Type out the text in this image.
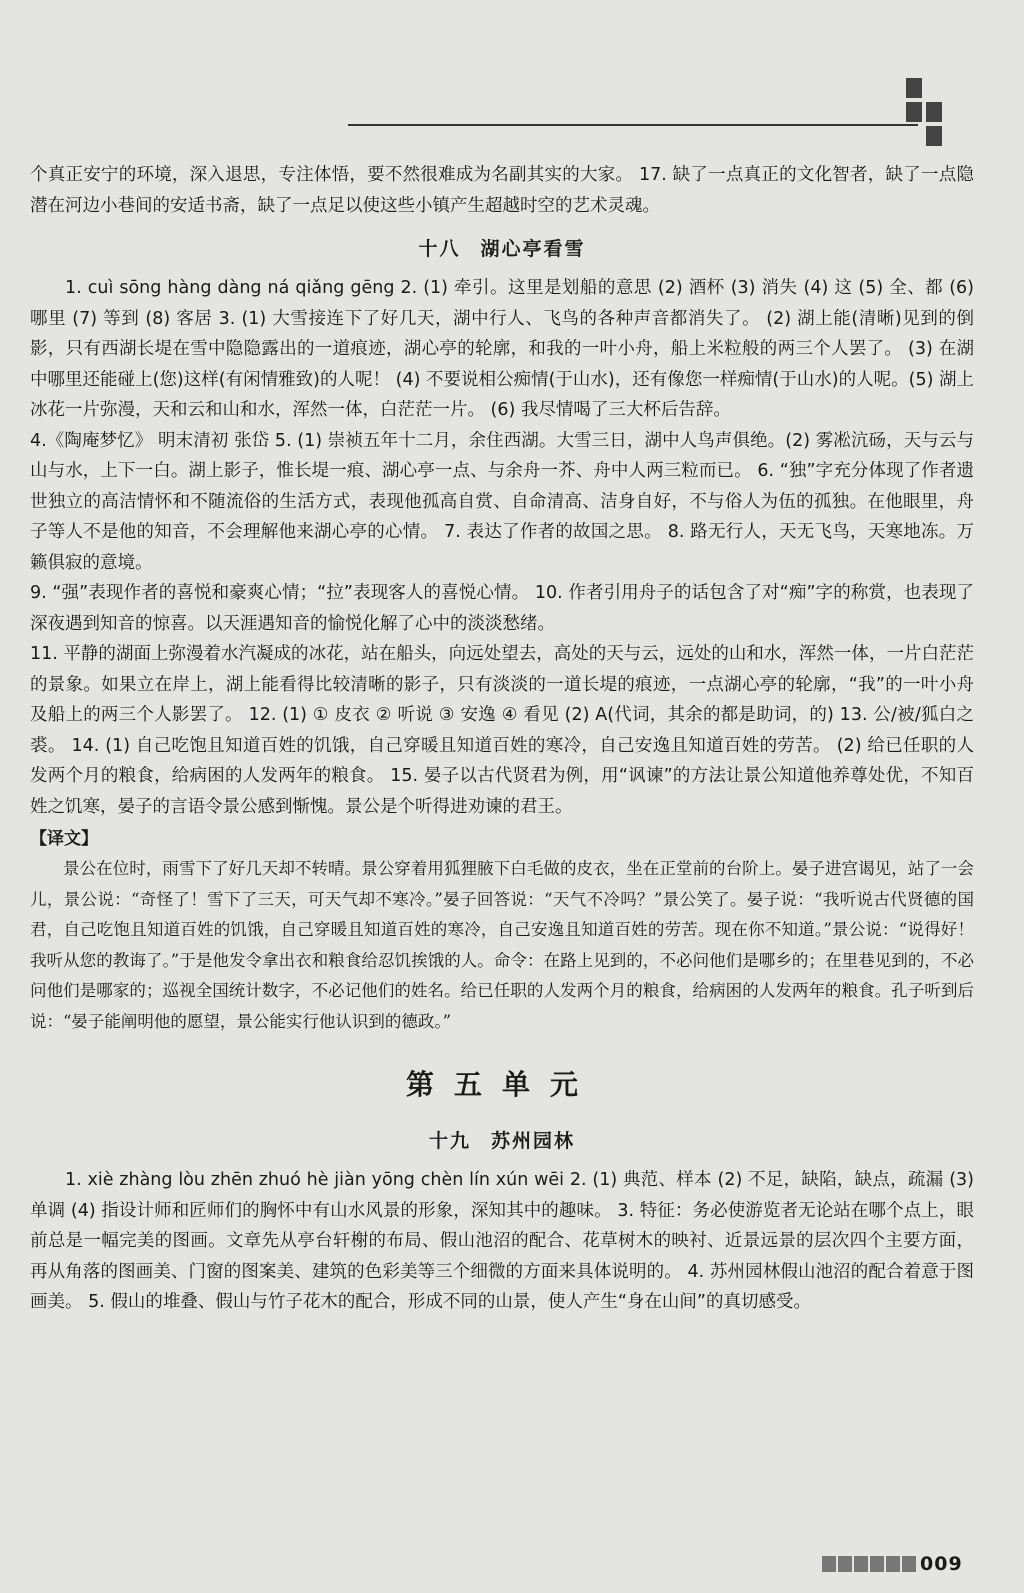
个真正安宁的环境，深入退思，专注体悟，要不然很难成为名副其实的大家。 17. 缺了一点真正的文化智者，缺了一点隐潜在河边小巷间的安适书斋，缺了一点足以使这些小镇产生超越时空的艺术灵魂。

十八 湖心亭看雪

1. cuì sōng hàng dàng ná qiǎng gēng 2. (1) 牵引。这里是划船的意思 (2) 酒杯 (3) 消失 (4) 这 (5) 全、都 (6) 哪里 (7) 等到 (8) 客居 3. (1) 大雪接连下了好几天，湖中行人、飞鸟的各种声音都消失了。 (2) 湖上能(清晰)见到的倒影，只有西湖长堤在雪中隐隐露出的一道痕迹，湖心亭的轮廓，和我的一叶小舟，船上米粒般的两三个人罢了。 (3) 在湖中哪里还能碰上(您)这样(有闲情雅致)的人呢！ (4) 不要说相公痴情(于山水)，还有像您一样痴情(于山水)的人呢。(5) 湖上冰花一片弥漫，天和云和山和水，浑然一体，白茫茫一片。 (6) 我尽情喝了三大杯后告辞。

4.《陶庵梦忆》 明末清初 张岱 5. (1) 崇祯五年十二月，余住西湖。大雪三日，湖中人鸟声俱绝。(2) 雾凇沆砀，天与云与山与水，上下一白。湖上影子，惟长堤一痕、湖心亭一点、与余舟一芥、舟中人两三粒而已。 6. “独”字充分体现了作者遗世独立的高洁情怀和不随流俗的生活方式，表现他孤高自赏、自命清高、洁身自好，不与俗人为伍的孤独。在他眼里，舟子等人不是他的知音，不会理解他来湖心亭的心情。 7. 表达了作者的故国之思。 8. 路无行人，天无飞鸟，天寒地冻。万籁俱寂的意境。

9. “强”表现作者的喜悦和豪爽心情；“拉”表现客人的喜悦心情。 10. 作者引用舟子的话包含了对“痴”字的称赏，也表现了深夜遇到知音的惊喜。以天涯遇知音的愉悦化解了心中的淡淡愁绪。

11. 平静的湖面上弥漫着水汽凝成的冰花，站在船头，向远处望去，高处的天与云，远处的山和水，浑然一体，一片白茫茫的景象。如果立在岸上，湖上能看得比较清晰的影子，只有淡淡的一道长堤的痕迹，一点湖心亭的轮廓，“我”的一叶小舟及船上的两三个人影罢了。 12. (1) ① 皮衣 ② 听说 ③ 安逸 ④ 看见 (2) A(代词，其余的都是助词，的) 13. 公/被/狐白之裘。 14. (1) 自己吃饱且知道百姓的饥饿，自己穿暖且知道百姓的寒冷，自己安逸且知道百姓的劳苦。 (2) 给已任职的人发两个月的粮食，给病困的人发两年的粮食。 15. 晏子以古代贤君为例，用“讽谏”的方法让景公知道他养尊处优，不知百姓之饥寒，晏子的言语令景公感到惭愧。景公是个听得进劝谏的君王。

【译文】

景公在位时，雨雪下了好几天却不转晴。景公穿着用狐狸腋下白毛做的皮衣，坐在正堂前的台阶上。晏子进宫谒见，站了一会儿，景公说：“奇怪了！雪下了三天，可天气却不寒冷。”晏子回答说：“天气不冷吗？”景公笑了。晏子说：“我听说古代贤德的国君，自己吃饱且知道百姓的饥饿，自己穿暖且知道百姓的寒冷，自己安逸且知道百姓的劳苦。现在你不知道。”景公说：“说得好！我听从您的教诲了。”于是他发令拿出衣和粮食给忍饥挨饿的人。命令：在路上见到的，不必问他们是哪乡的；在里巷见到的，不必问他们是哪家的；巡视全国统计数字，不必记他们的姓名。给已任职的人发两个月的粮食，给病困的人发两年的粮食。孔子听到后说：“晏子能阐明他的愿望，景公能实行他认识到的德政。”

第五单元
十九 苏州园林

1. xiè zhàng lòu zhēn zhuó hè jiàn yōng chèn lín xún wēi 2. (1) 典范、样本 (2) 不足，缺陷，缺点，疏漏 (3) 单调 (4) 指设计师和匠师们的胸怀中有山水风景的形象，深知其中的趣味。 3. 特征：务必使游览者无论站在哪个点上，眼前总是一幅完美的图画。文章先从亭台轩榭的布局、假山池沼的配合、花草树木的映衬、近景远景的层次四个主要方面，再从角落的图画美、门窗的图案美、建筑的色彩美等三个细微的方面来具体说明的。 4. 苏州园林假山池沼的配合着意于图画美。 5. 假山的堆叠、假山与竹子花木的配合，形成不同的山景，使人产生“身在山间”的真切感受。

009
